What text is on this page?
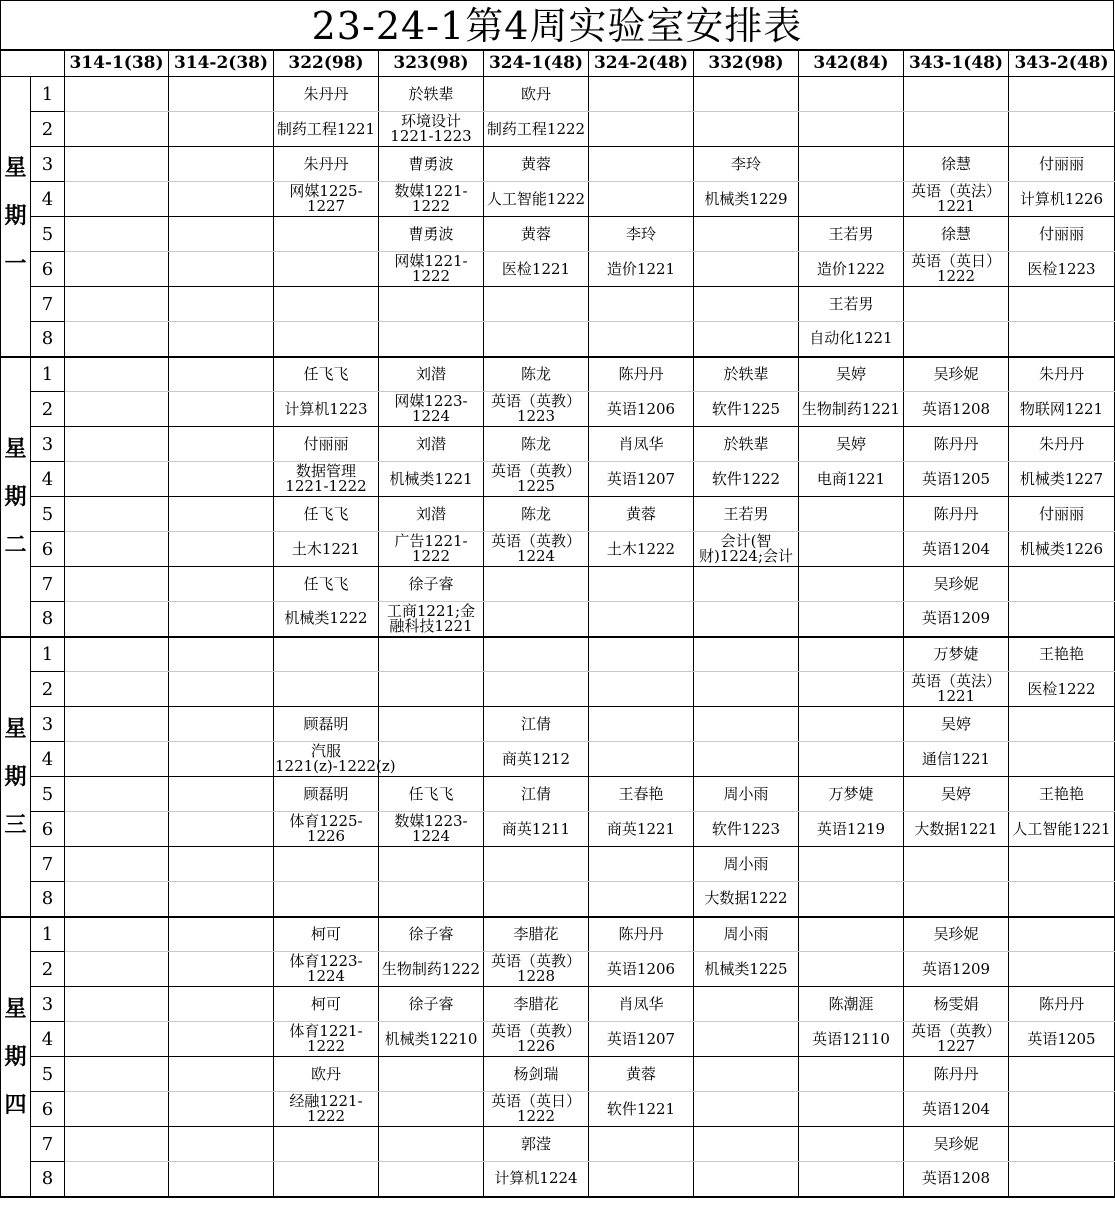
23-24-1第4周实验室安排表
		314-1(38)	314-2(38)	322(98)	323(98)	324-1(48)	324-2(48)	332(98)	342(84)	343-1(48)	343-2(48)
星
期
一	1			朱丹丹	於轶辈	欧丹					

	2			制药工程1221	环境设计1221-1223	制药工程1222					

	3			朱丹丹	曹勇波	黄蓉		李玲		徐慧	付丽丽

	4			网媒1225-1227	数媒1221-1222	人工智能1222		机械类1229		英语（英法）1221	计算机1226

	5				曹勇波	黄蓉	李玲		王若男	徐慧	付丽丽

	6				网媒1221-1222	医检1221	造价1221		造价1222	英语（英日）1222	医检1223

	7								王若男		

	8								自动化1221		

星
期
二	1			任飞飞	刘潜	陈龙	陈丹丹	於轶辈	吴婷	吴珍妮	朱丹丹

	2			计算机1223	网媒1223-1224	英语（英教）1223	英语1206	软件1225	生物制药1221	英语1208	物联网1221

	3			付丽丽	刘潜	陈龙	肖凤华	於轶辈	吴婷	陈丹丹	朱丹丹

	4			数据管理1221-1222	机械类1221	英语（英教）1225	英语1207	软件1222	电商1221	英语1205	机械类1227

	5			任飞飞	刘潜	陈龙	黄蓉	王若男		陈丹丹	付丽丽

	6			土木1221	广告1221-1222	英语（英教）1224	土木1222	会计(智财)1224;会计		英语1204	机械类1226

	7			任飞飞	徐子睿					吴珍妮	

	8			机械类1222	工商1221;金融科技1221					英语1209	

星
期
三	1									万梦婕	王艳艳

	2									英语（英法）1221	医检1222

	3			顾磊明		江倩				吴婷	

	4			汽服1221(z)-1222(z)		商英1212				通信1221	

	5			顾磊明	任飞飞	江倩	王春艳	周小雨	万梦婕	吴婷	王艳艳

	6			体育1225-1226	数媒1223-1224	商英1211	商英1221	软件1223	英语1219	大数据1221	人工智能1221

	7							周小雨			

	8							大数据1222			

星
期
四	1			柯可	徐子睿	李腊花	陈丹丹	周小雨		吴珍妮	

	2			体育1223-1224	生物制药1222	英语（英教）1228	英语1206	机械类1225		英语1209	

	3			柯可	徐子睿	李腊花	肖凤华		陈潮涯	杨雯娟	陈丹丹

	4			体育1221-1222	机械类12210	英语（英教）1226	英语1207		英语12110	英语（英教）1227	英语1205

	5			欧丹		杨剑瑞	黄蓉			陈丹丹	

	6			经融1221-1222		英语（英日）1222	软件1221			英语1204	

	7					郭滢				吴珍妮	

	8					计算机1224				英语1208	
